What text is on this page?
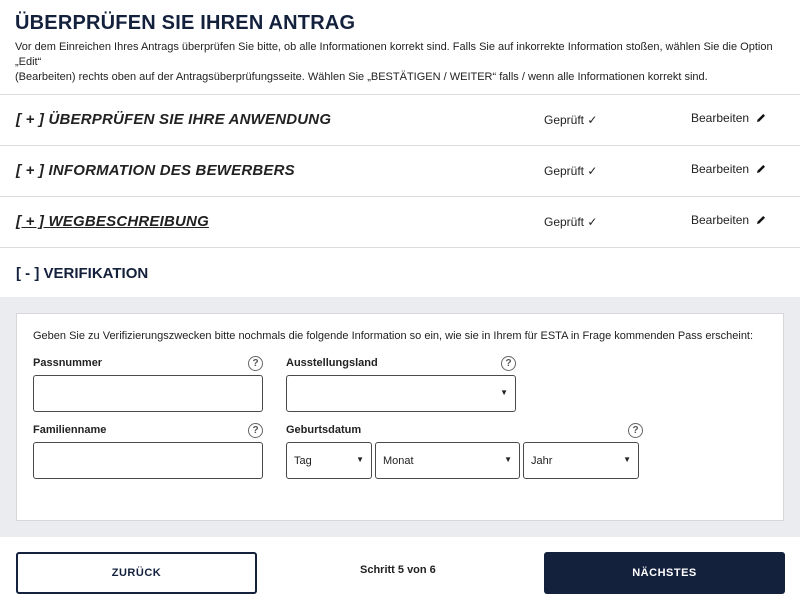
ÜBERPRÜFEN SIE IHREN ANTRAG
Vor dem Einreichen Ihres Antrags überprüfen Sie bitte, ob alle Informationen korrekt sind. Falls Sie auf inkorrekte Information stoßen, wählen Sie die Option „Edit“
(Bearbeiten) rechts oben auf der Antragsüberprüfungsseite. Wählen Sie „BESTÄTIGEN / WEITER“ falls / wenn alle Informationen korrekt sind.
[ + ] ÜBERPRÜFEN SIE IHRE ANWENDUNG	Geprüft ✓	Bearbeiten
[ + ] INFORMATION DES BEWERBERS	Geprüft ✓	Bearbeiten
[ + ] WEGBESCHREIBUNG	Geprüft ✓	Bearbeiten
[ - ] VERIFIKATION
Geben Sie zu Verifizierungszwecken bitte nochmals die folgende Information so ein, wie sie in Ihrem für ESTA in Frage kommenden Pass erscheint:
Passnummer	?	Ausstellungsland	?
▼
Familienname	?	Geburtsdatum	?
Tag	▼ Monat	▼ Jahr	▼
ZURÜCK	Schritt 5 von 6	NÄCHSTES
